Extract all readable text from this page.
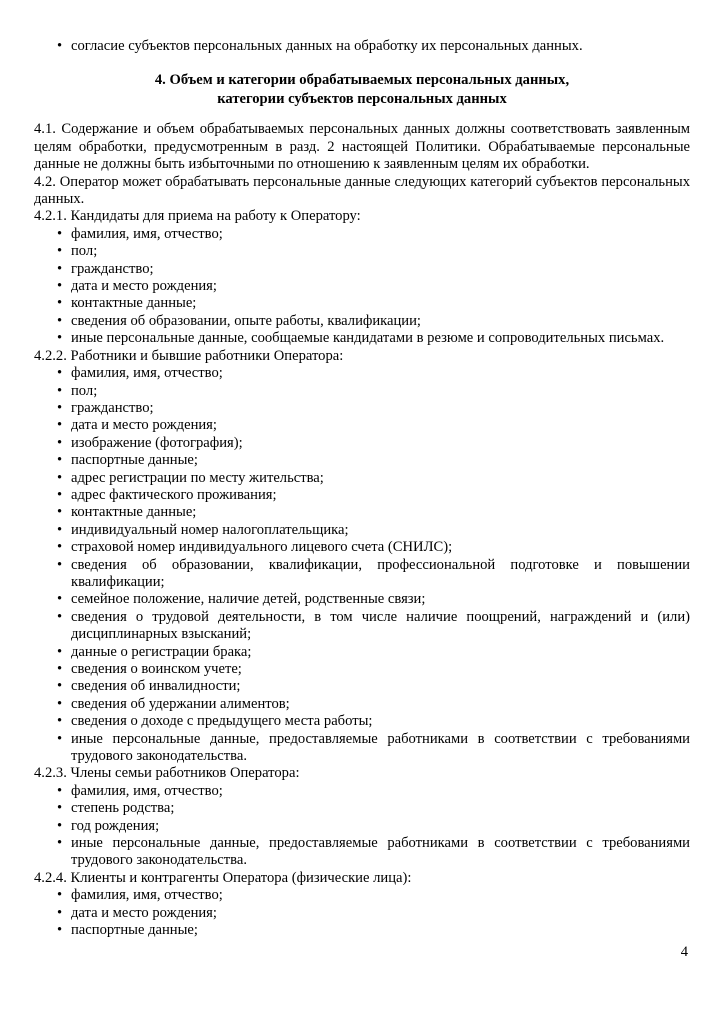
• согласие субъектов персональных данных на обработку их персональных данных.
4. Объем и категории обрабатываемых персональных данных,
категории субъектов персональных данных

4.1. Содержание и объем обрабатываемых персональных данных должны соответствовать заявленным целям обработки, предусмотренным в разд. 2 настоящей Политики. Обрабатываемые персональные данные не должны быть избыточными по отношению к заявленным целям их обработки.

4.2. Оператор может обрабатывать персональные данные следующих категорий субъектов персональных данных.

4.2.1. Кандидаты для приема на работу к Оператору:

• фамилия, имя, отчество;
• пол;
• гражданство;
• дата и место рождения;
• контактные данные;
• сведения об образовании, опыте работы, квалификации;
• иные персональные данные, сообщаемые кандидатами в резюме и сопроводительных письмах.

4.2.2. Работники и бывшие работники Оператора:

• фамилия, имя, отчество;
• пол;
• гражданство;
• дата и место рождения;
• изображение (фотография);
• паспортные данные;
• адрес регистрации по месту жительства;
• адрес фактического проживания;
• контактные данные;
• индивидуальный номер налогоплательщика;
• страховой номер индивидуального лицевого счета (СНИЛС);
• сведения об образовании, квалификации, профессиональной подготовке и повышении квалификации;
• семейное положение, наличие детей, родственные связи;
• сведения о трудовой деятельности, в том числе наличие поощрений, награждений и (или) дисциплинарных взысканий;
• данные о регистрации брака;
• сведения о воинском учете;
• сведения об инвалидности;
• сведения об удержании алиментов;
• сведения о доходе с предыдущего места работы;
• иные персональные данные, предоставляемые работниками в соответствии с требованиями трудового законодательства.

4.2.3. Члены семьи работников Оператора:

• фамилия, имя, отчество;
• степень родства;
• год рождения;
• иные персональные данные, предоставляемые работниками в соответствии с требованиями трудового законодательства.

4.2.4. Клиенты и контрагенты Оператора (физические лица):

• фамилия, имя, отчество;
• дата и место рождения;
• паспортные данные;
4
